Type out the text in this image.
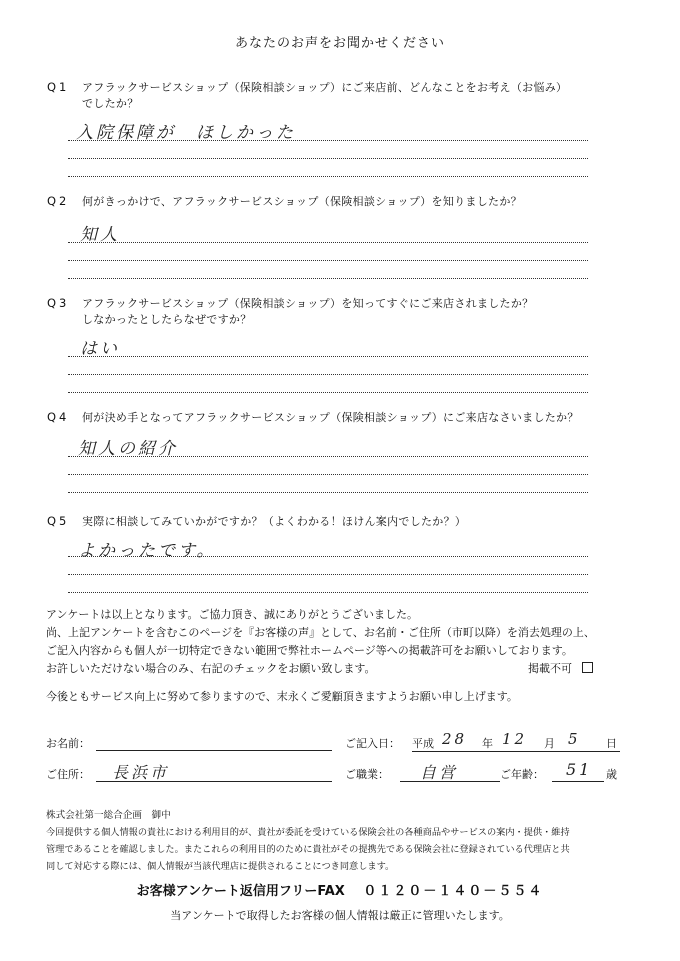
あなたのお声をお聞かせください
Q1 アフラックサービスショップ（保険相談ショップ）にご来店前、どんなことをお考え（お悩み）
でしたか？
入院保障が　ほしかった
Q2 何がきっかけで、アフラックサービスショップ（保険相談ショップ）を知りましたか？
知人
Q3 アフラックサービスショップ（保険相談ショップ）を知ってすぐにご来店されましたか？
しなかったとしたらなぜですか？
はい
Q4 何が決め手となってアフラックサービスショップ（保険相談ショップ）にご来店なさいましたか？
知人の紹介
Q5 実際に相談してみていかがですか？（よくわかる！ほけん案内でしたか？）
よかったです。
アンケートは以上となります。ご協力頂き、誠にありがとうございました。
尚、上記アンケートを含むこのページを『お客様の声』として、お名前・ご住所（市町以降）を消去処理の上、
ご記入内容からも個人が一切特定できない範囲で弊社ホームページ等への掲載許可をお願いしております。
お許しいただけない場合のみ、右記のチェックをお願い致します。	掲載不可
今後ともサービス向上に努めて参りますので、末永くご愛顧頂きますようお願い申し上げます。
お名前：	ご記入日： 平成 28 年 12 月 5 日
ご住所： 長浜市	ご職業： 自営	ご年齢： 51 歳
株式会社第一総合企画　御中
今回提供する個人情報の貴社における利用目的が、貴社が委託を受けている保険会社の各種商品やサービスの案内・提供・維持
管理であることを確認しました。またこれらの利用目的のために貴社がその提携先である保険会社に登録されている代理店と共
同して対応する際には、個人情報が当該代理店に提供されることにつき同意します。
お客様アンケート返信用フリーFAX ０１２０－１４０－５５４
当アンケートで取得したお客様の個人情報は厳正に管理いたします。
